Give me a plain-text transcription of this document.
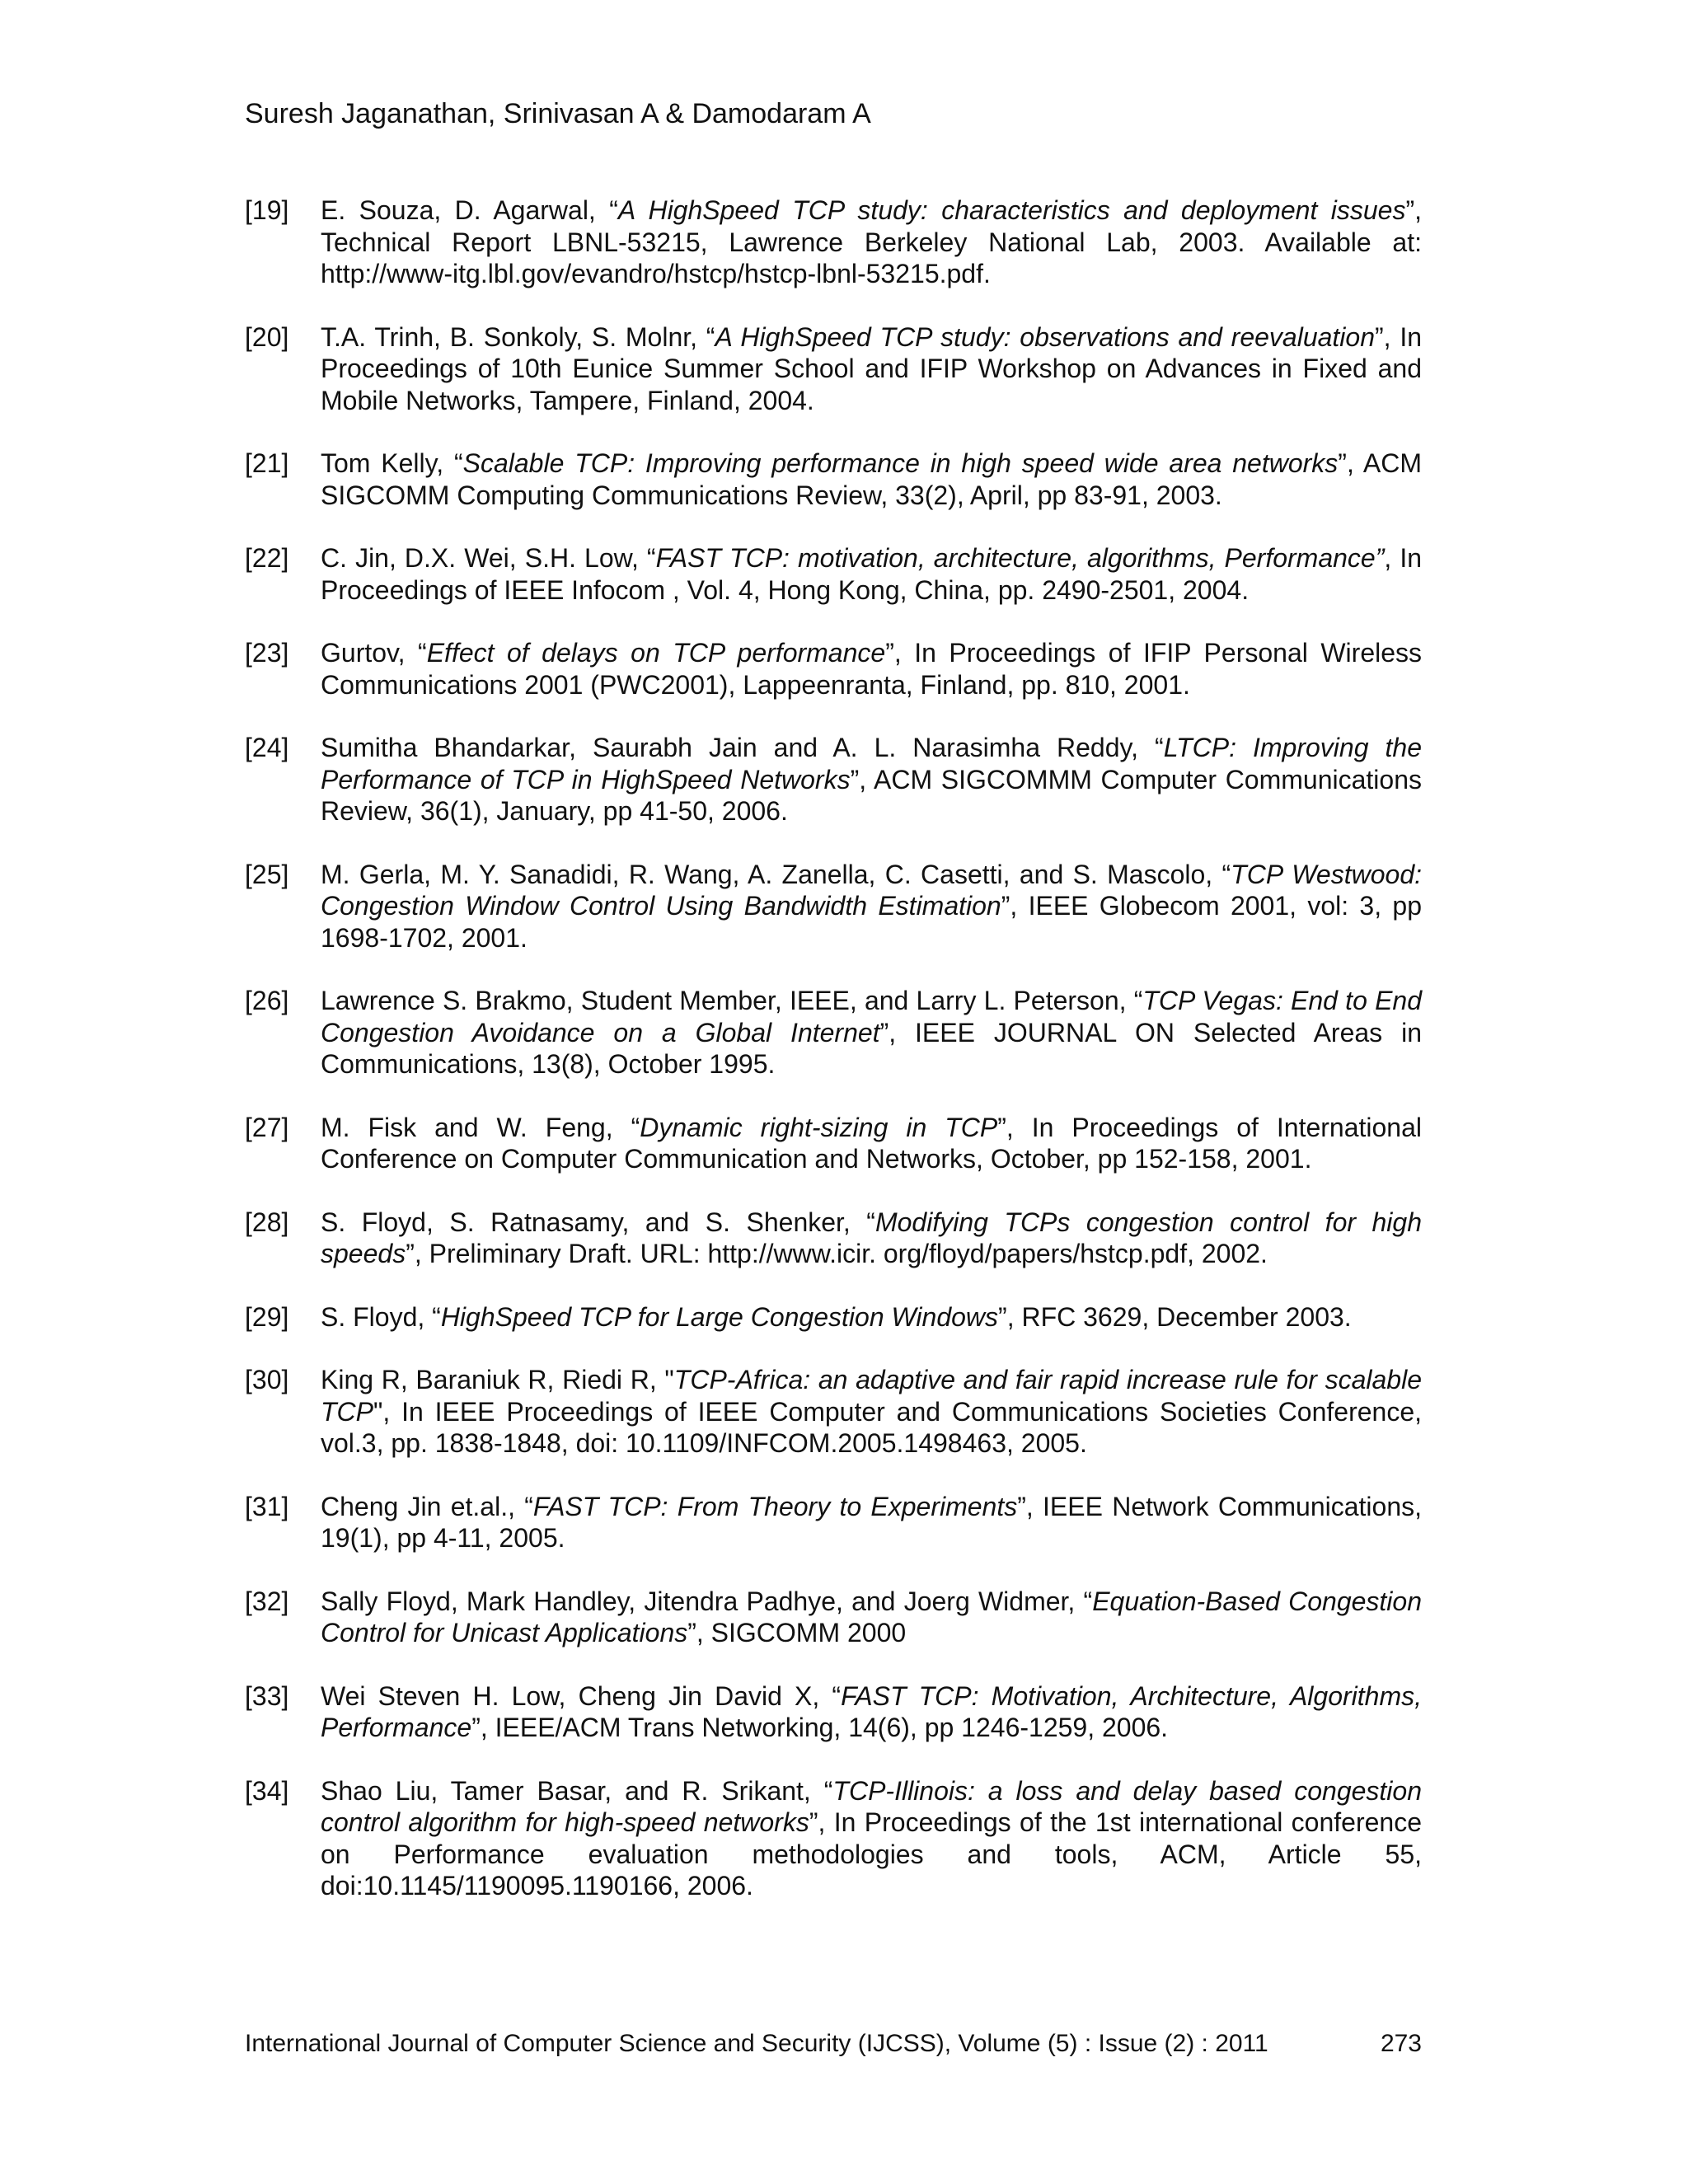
Suresh Jaganathan, Srinivasan A & Damodaram A
[19] E. Souza, D. Agarwal, “A HighSpeed TCP study: characteristics and deployment issues”, Technical Report LBNL-53215, Lawrence Berkeley National Lab, 2003. Available at: http://www-itg.lbl.gov/evandro/hstcp/hstcp-lbnl-53215.pdf.
[20] T.A. Trinh, B. Sonkoly, S. Molnr, “A HighSpeed TCP study: observations and reevaluation”, In Proceedings of 10th Eunice Summer School and IFIP Workshop on Advances in Fixed and Mobile Networks, Tampere, Finland, 2004.
[21] Tom Kelly, “Scalable TCP: Improving performance in high speed wide area networks”, ACM SIGCOMM Computing Communications Review, 33(2), April, pp 83-91, 2003.
[22] C. Jin, D.X. Wei, S.H. Low, “FAST TCP: motivation, architecture, algorithms, Performance”, In Proceedings of IEEE Infocom , Vol. 4, Hong Kong, China, pp. 2490-2501, 2004.
[23] Gurtov, “Effect of delays on TCP performance”, In Proceedings of IFIP Personal Wireless Communications 2001 (PWC2001), Lappeenranta, Finland, pp. 810, 2001.
[24] Sumitha Bhandarkar, Saurabh Jain and A. L. Narasimha Reddy, “LTCP: Improving the Performance of TCP in HighSpeed Networks”, ACM SIGCOMMM Computer Communications Review, 36(1), January, pp 41-50, 2006.
[25] M. Gerla, M. Y. Sanadidi, R. Wang, A. Zanella, C. Casetti, and S. Mascolo, “TCP Westwood: Congestion Window Control Using Bandwidth Estimation”, IEEE Globecom 2001, vol: 3, pp 1698-1702, 2001.
[26] Lawrence S. Brakmo, Student Member, IEEE, and Larry L. Peterson, “TCP Vegas: End to End Congestion Avoidance on a Global Internet”, IEEE JOURNAL ON Selected Areas in Communications, 13(8), October 1995.
[27] M. Fisk and W. Feng, “Dynamic right-sizing in TCP”, In Proceedings of International Conference on Computer Communication and Networks, October, pp 152-158, 2001.
[28] S. Floyd, S. Ratnasamy, and S. Shenker, “Modifying TCPs congestion control for high speeds”, Preliminary Draft. URL: http://www.icir. org/floyd/papers/hstcp.pdf, 2002.
[29] S. Floyd, “HighSpeed TCP for Large Congestion Windows”, RFC 3629, December 2003.
[30] King R, Baraniuk R, Riedi R, "TCP-Africa: an adaptive and fair rapid increase rule for scalable TCP", In IEEE Proceedings of IEEE Computer and Communications Societies Conference, vol.3, pp. 1838-1848, doi: 10.1109/INFCOM.2005.1498463, 2005.
[31] Cheng Jin et.al., “FAST TCP: From Theory to Experiments”, IEEE Network Communications, 19(1), pp 4-11, 2005.
[32] Sally Floyd, Mark Handley, Jitendra Padhye, and Joerg Widmer, “Equation-Based Congestion Control for Unicast Applications”, SIGCOMM 2000
[33] Wei Steven H. Low, Cheng Jin David X, “FAST TCP: Motivation, Architecture, Algorithms, Performance”, IEEE/ACM Trans Networking, 14(6), pp 1246-1259, 2006.
[34] Shao Liu, Tamer Basar, and R. Srikant, “TCP-Illinois: a loss and delay based congestion control algorithm for high-speed networks”, In Proceedings of the 1st international conference on Performance evaluation methodologies and tools, ACM, Article 55, doi:10.1145/1190095.1190166, 2006.
International Journal of Computer Science and Security (IJCSS), Volume (5) : Issue (2) : 2011	273
